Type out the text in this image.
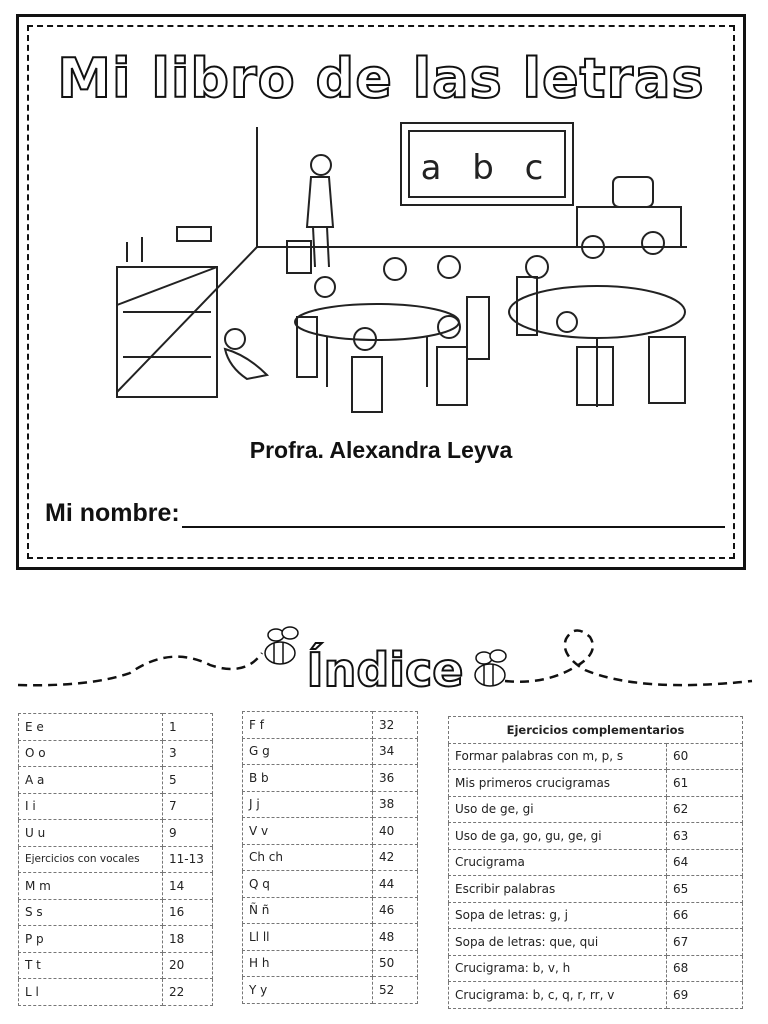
Mi libro de las letras
a b c
Profra. Alexandra Leyva
Mi nombre:
Índice
E e	1
O o	3
A a	5
I i	7
U u	9
Ejercicios con vocales	11-13
M m	14
S s	16
P p	18
T t	20
L l	22
F f	32
G g	34
B b	36
J j	38
V v	40
Ch ch	42
Q q	44
Ñ ñ	46
Ll ll	48
H h	50
Y y	52
Ejercicios complementarios	
Formar palabras con m, p, s	60
Mis primeros crucigramas	61
Uso de ge, gi	62
Uso de ga, go, gu, ge, gi	63
Crucigrama	64
Escribir palabras	65
Sopa de letras: g, j	66
Sopa de letras: que, qui	67
Crucigrama: b, v, h	68
Crucigrama: b, c, q, r, rr, v	69
